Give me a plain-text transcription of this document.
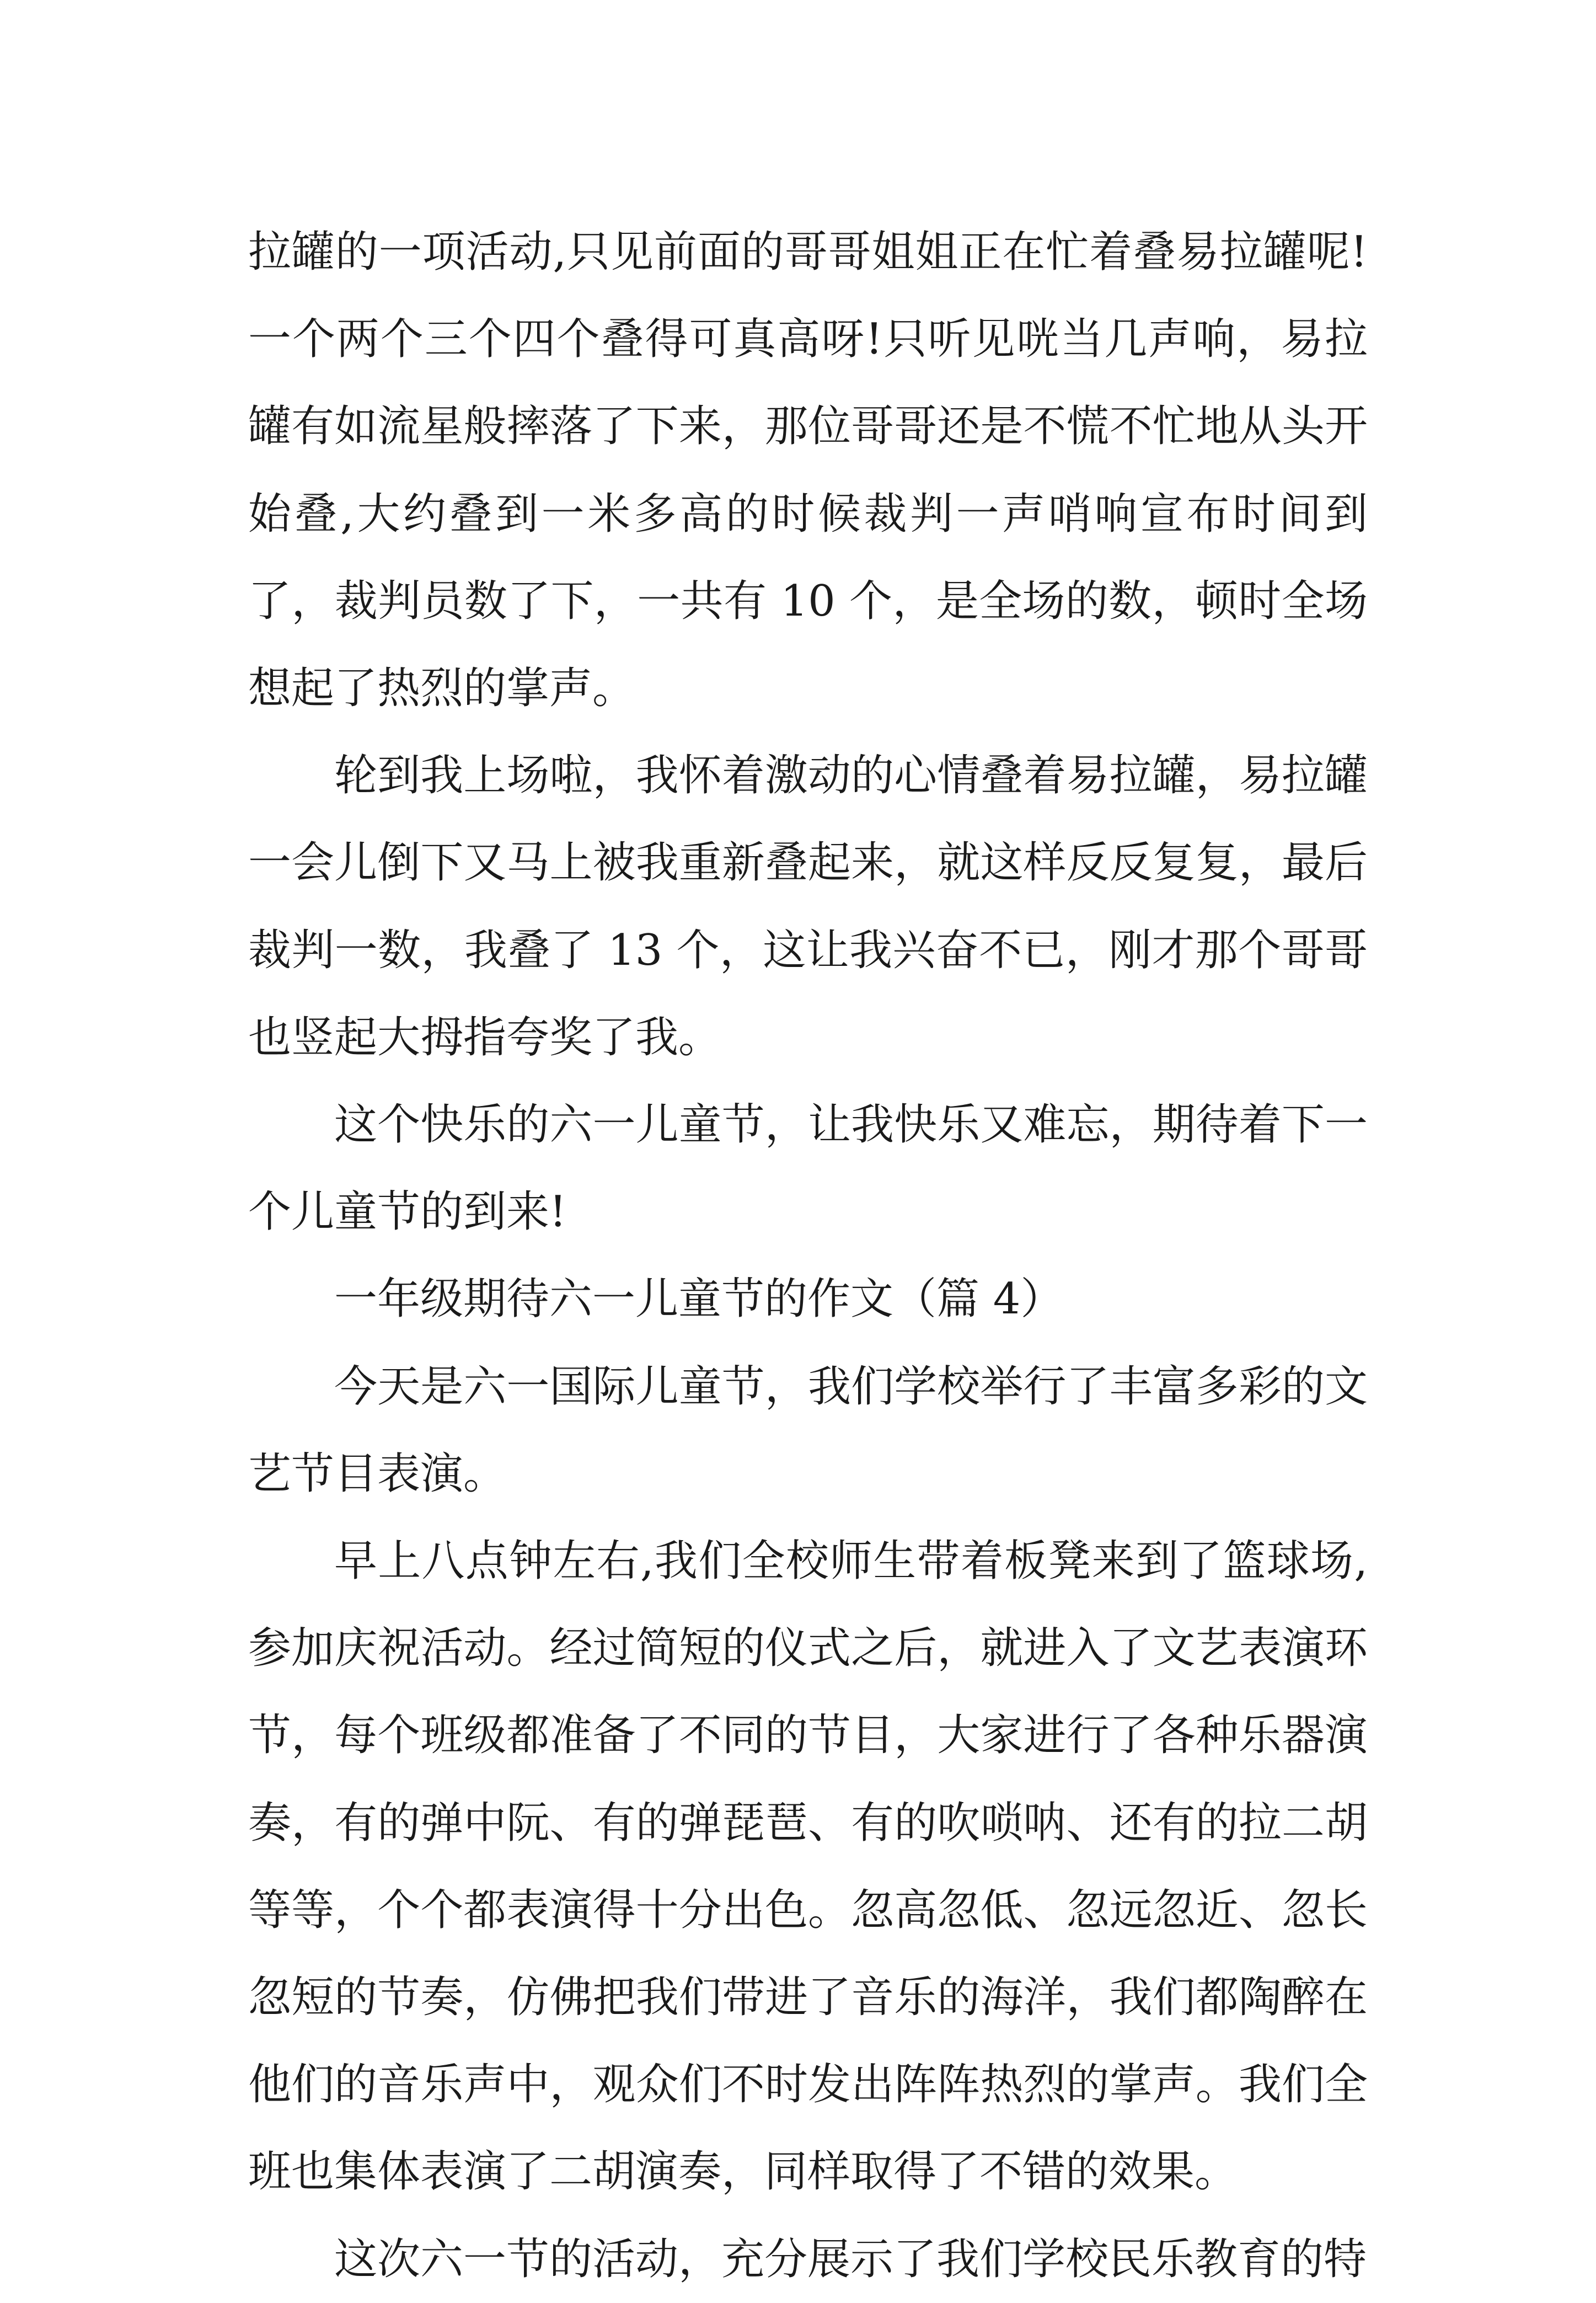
拉罐的一项活动,只见前面的哥哥姐姐正在忙着叠易拉罐呢!一个两个三个四个叠得可真高呀!只听见咣当几声响，易拉罐有如流星般摔落了下来，那位哥哥还是不慌不忙地从头开始叠,大约叠到一米多高的时候裁判一声哨响宣布时间到了，裁判员数了下，一共有 10 个，是全场的数，顿时全场想起了热烈的掌声。

轮到我上场啦，我怀着激动的心情叠着易拉罐，易拉罐一会儿倒下又马上被我重新叠起来，就这样反反复复，最后裁判一数，我叠了 13 个，这让我兴奋不已，刚才那个哥哥也竖起大拇指夸奖了我。

这个快乐的六一儿童节，让我快乐又难忘，期待着下一个儿童节的到来!

一年级期待六一儿童节的作文（篇 4）

今天是六一国际儿童节，我们学校举行了丰富多彩的文艺节目表演。

早上八点钟左右,我们全校师生带着板凳来到了篮球场,参加庆祝活动。经过简短的仪式之后，就进入了文艺表演环节，每个班级都准备了不同的节目，大家进行了各种乐器演奏，有的弹中阮、有的弹琵琶、有的吹唢呐、还有的拉二胡等等，个个都表演得十分出色。忽高忽低、忽远忽近、忽长忽短的节奏，仿佛把我们带进了音乐的海洋，我们都陶醉在他们的音乐声中，观众们不时发出阵阵热烈的掌声。我们全班也集体表演了二胡演奏，同样取得了不错的效果。

这次六一节的活动，充分展示了我们学校民乐教育的特
